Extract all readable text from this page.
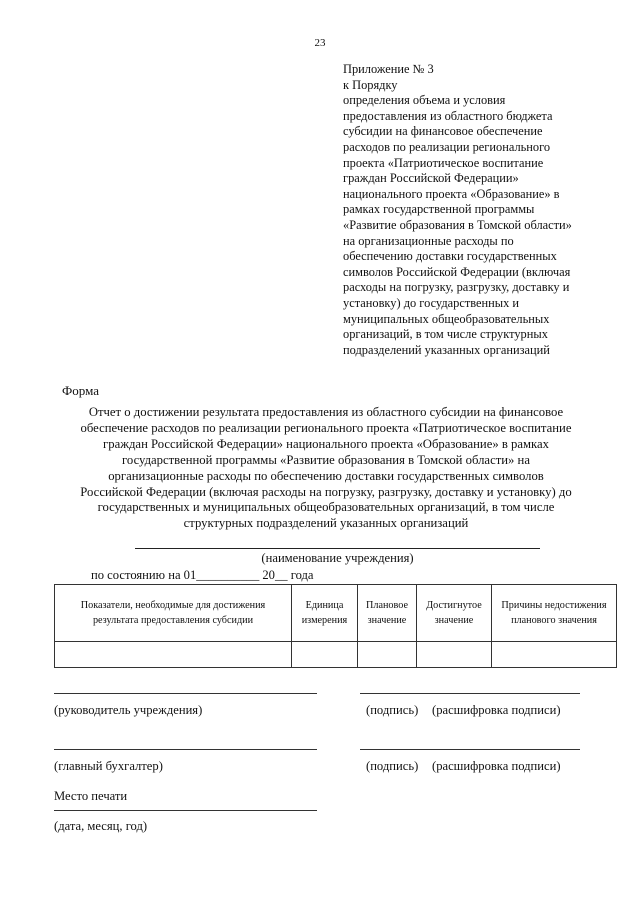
23
Приложение № 3
к Порядку
определения объема и условия
предоставления из областного бюджета
субсидии на финансовое обеспечение
расходов по реализации регионального
проекта «Патриотическое воспитание
граждан Российской Федерации»
национального проекта «Образование» в
рамках государственной программы
«Развитие образования в Томской области»
на организационные расходы по
обеспечению доставки государственных
символов Российской Федерации (включая
расходы на погрузку, разгрузку, доставку и
установку) до государственных и
муниципальных общеобразовательных
организаций, в том числе структурных
подразделений указанных организаций
Форма
Отчет о достижении результата предоставления из областного субсидии на финансовое
обеспечение расходов по реализации регионального проекта «Патриотическое воспитание
граждан Российской Федерации» национального проекта «Образование» в рамках
государственной программы «Развитие образования в Томской области» на
организационные расходы по обеспечению доставки государственных символов
Российской Федерации (включая расходы на погрузку, разгрузку, доставку и установку) до
государственных и муниципальных общеобразовательных организаций, в том числе
структурных подразделений указанных организаций
(наименование учреждения)
по состоянию на 01__________ 20__ года
Показатели, необходимые для достижения результата предоставления субсидии	Единица измерения	Плановое значение	Достигнутое значение	Причины недостижения планового значения

(руководитель учреждения)	(подпись) (расшифровка подписи)
(главный бухгалтер)	(подпись) (расшифровка подписи)
Место печати
(дата, месяц, год)
